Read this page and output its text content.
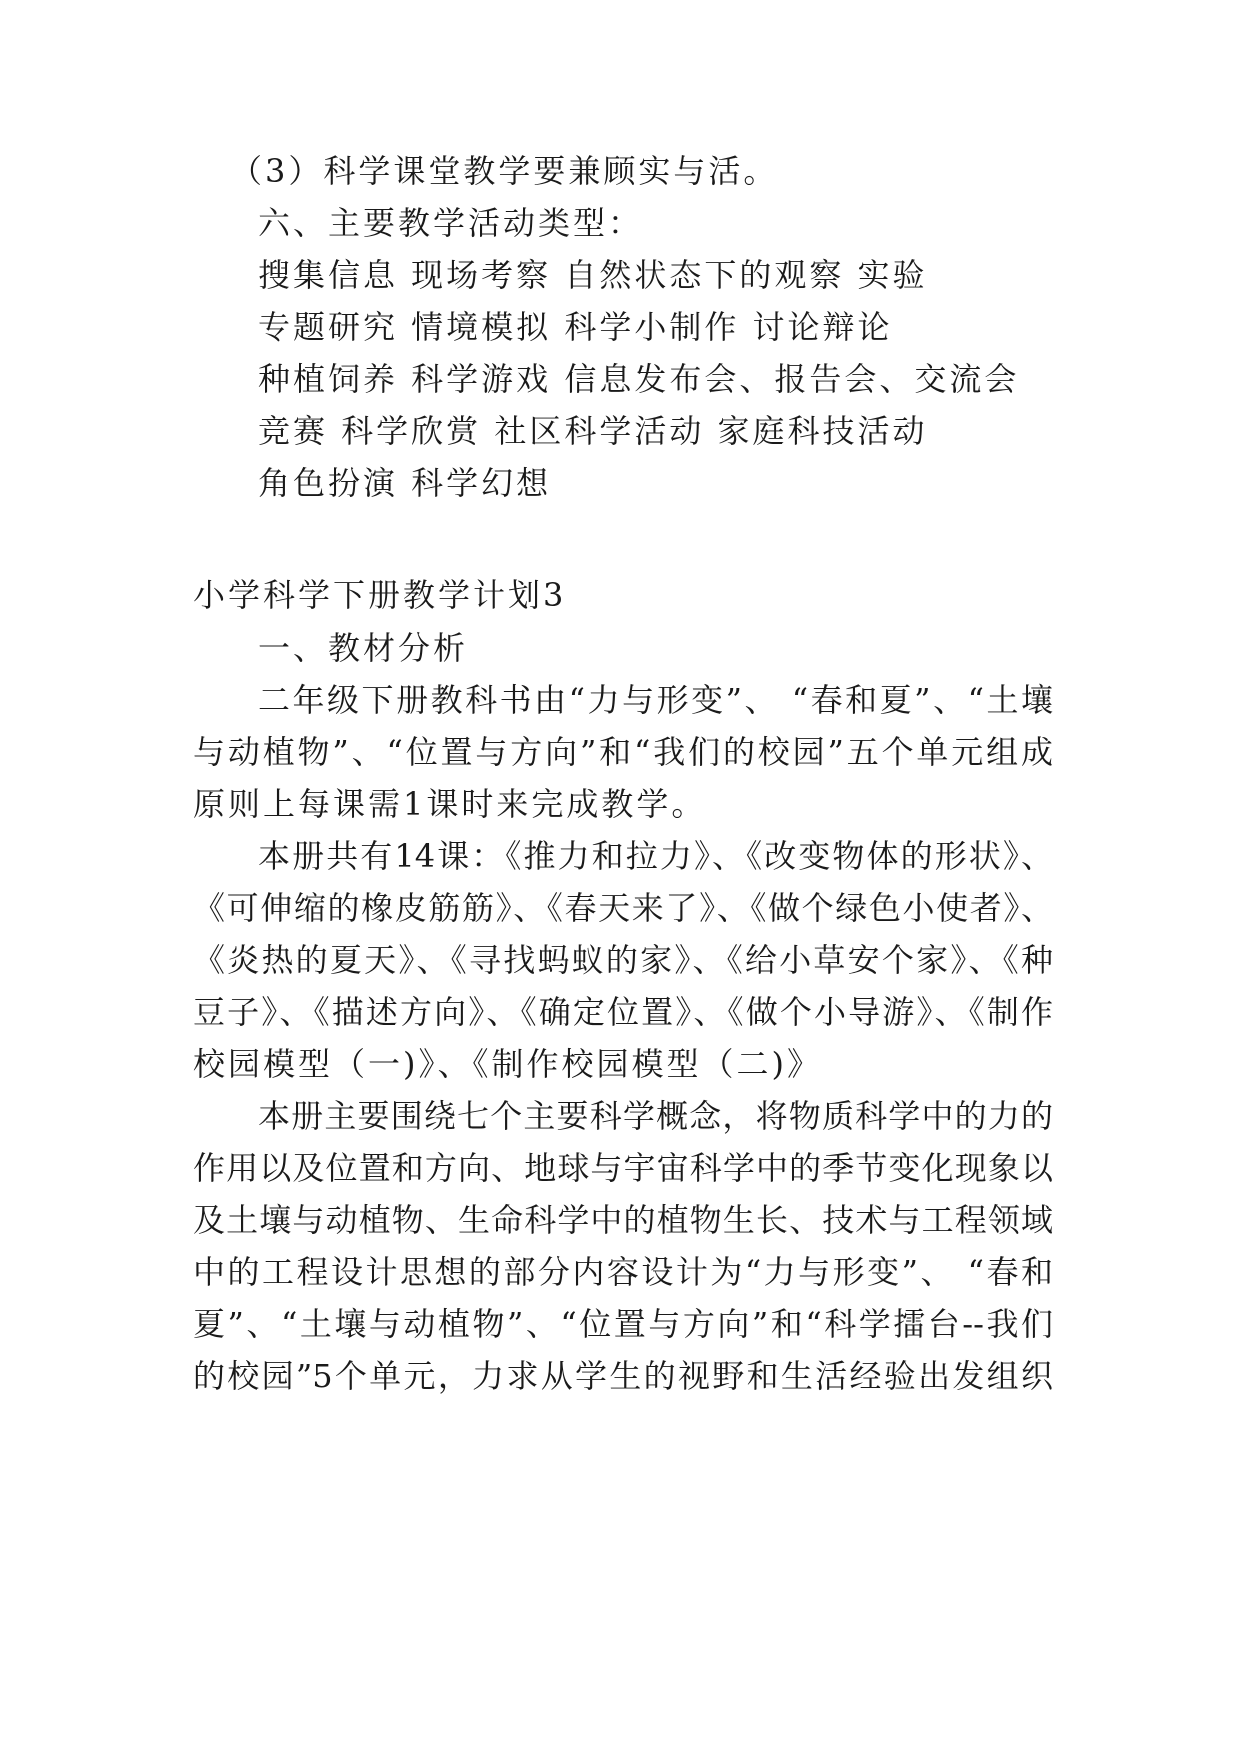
（3）科学课堂教学要兼顾实与活。
六、主要教学活动类型：
搜集信息 现场考察 自然状态下的观察 实验
专题研究 情境模拟 科学小制作 讨论辩论
种植饲养 科学游戏 信息发布会、报告会、交流会
竞赛 科学欣赏 社区科学活动 家庭科技活动
角色扮演 科学幻想
小学科学下册教学计划3
一、教材分析
二年级下册教科书由“力与形变”、 “春和夏”、“土壤
与动植物”、“位置与方向”和“我们的校园”五个单元组成
原则上每课需1课时来完成教学。
本册共有14课：《推力和拉力》、《改变物体的形状》、
《可伸缩的橡皮筋筋》、《春天来了》、《做个绿色小使者》、
《炎热的夏天》、《寻找蚂蚁的家》、《给小草安个家》、《种
豆子》、《描述方向》、《确定位置》、《做个小导游》、《制作
校园模型（一)》、《制作校园模型（二)》
本册主要围绕七个主要科学概念，将物质科学中的力的
作用以及位置和方向、地球与宇宙科学中的季节变化现象以
及土壤与动植物、生命科学中的植物生长、技术与工程领域
中的工程设计思想的部分内容设计为“力与形变”、 “春和
夏”、“土壤与动植物”、“位置与方向”和“科学擂台--我们
的校园”5个单元，力求从学生的视野和生活经验出发组织
